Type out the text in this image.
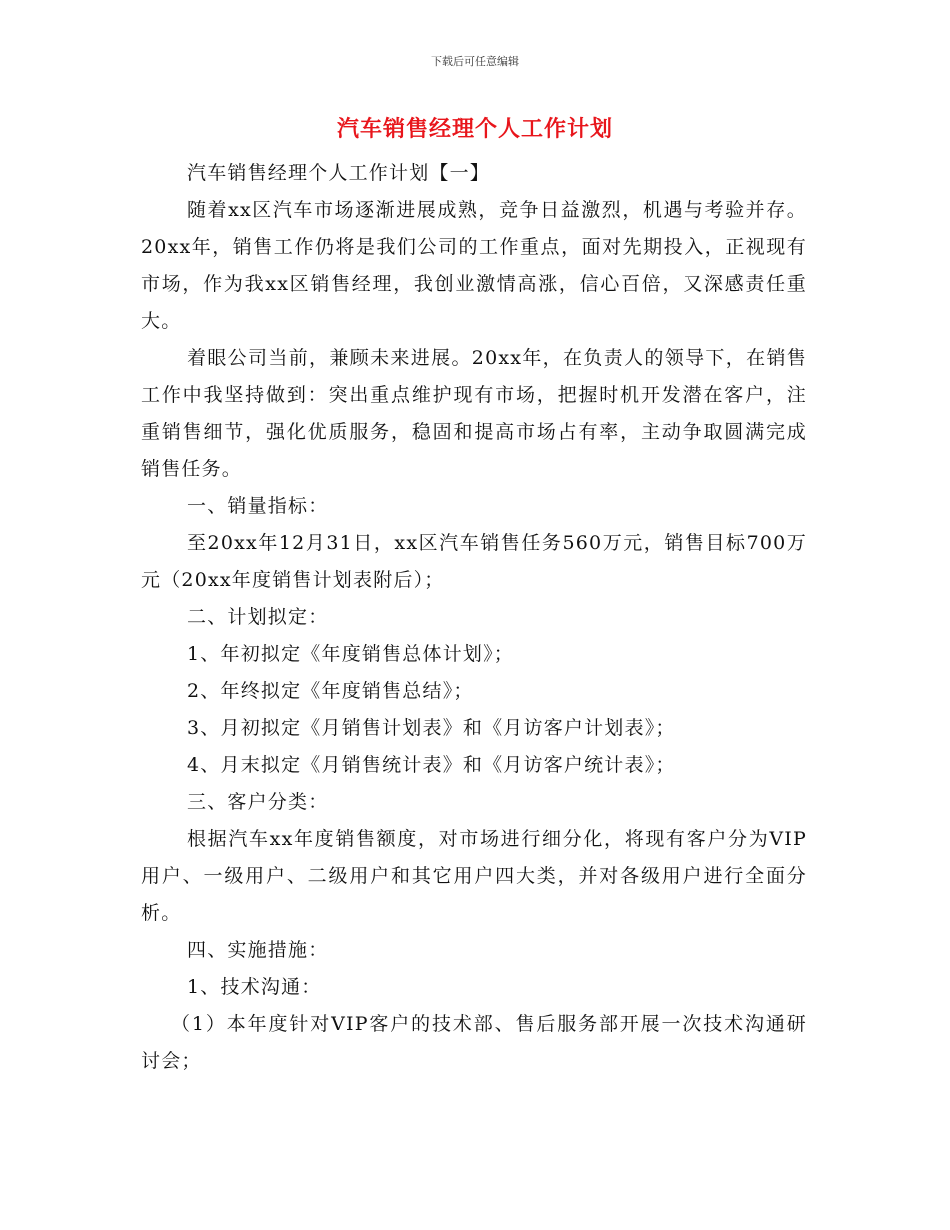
下载后可任意编辑
汽车销售经理个人工作计划

汽车销售经理个人工作计划【一】

随着xx区汽车市场逐渐进展成熟，竞争日益激烈，机遇与考验并存。20xx年，销售工作仍将是我们公司的工作重点，面对先期投入，正视现有市场，作为我xx区销售经理，我创业激情高涨，信心百倍，又深感责任重大。

着眼公司当前，兼顾未来进展。20xx年，在负责人的领导下，在销售工作中我坚持做到：突出重点维护现有市场，把握时机开发潜在客户，注重销售细节，强化优质服务，稳固和提高市场占有率，主动争取圆满完成销售任务。

一、销量指标：

至20xx年12月31日，xx区汽车销售任务560万元，销售目标700万元（20xx年度销售计划表附后）；

二、计划拟定：

1、年初拟定《年度销售总体计划》；

2、年终拟定《年度销售总结》；

3、月初拟定《月销售计划表》和《月访客户计划表》；

4、月末拟定《月销售统计表》和《月访客户统计表》；

三、客户分类：

根据汽车xx年度销售额度，对市场进行细分化，将现有客户分为VIP用户、一级用户、二级用户和其它用户四大类，并对各级用户进行全面分析。

四、实施措施：

1、技术沟通：

（1）本年度针对VIP客户的技术部、售后服务部开展一次技术沟通研讨会；
